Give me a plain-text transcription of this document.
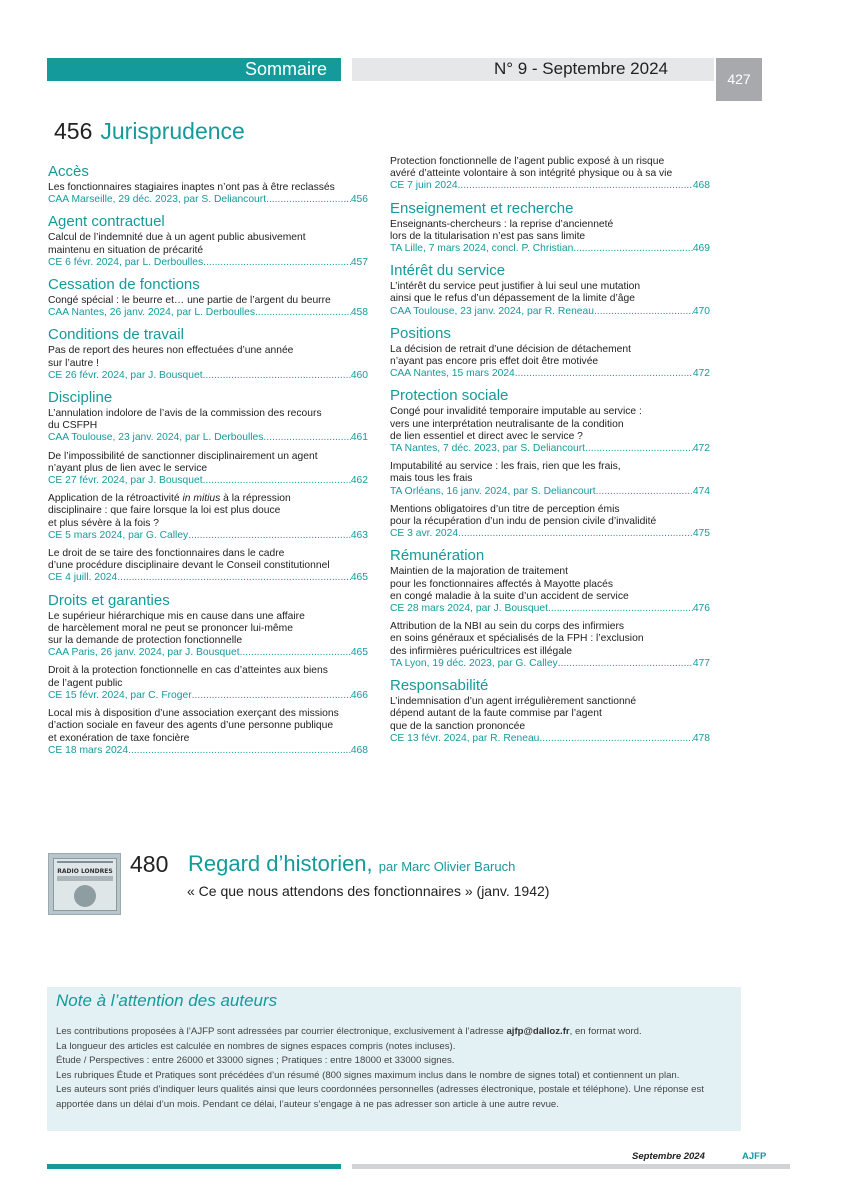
Sommaire	N° 9 - Septembre 2024
427
456 Jurisprudence
Accès
Les fonctionnaires stagiaires inaptes n’ont pas à être reclassés
CAA Marseille, 29 déc. 2023, par S. Deliancourt .....	456
Agent contractuel
Calcul de l’indemnité due à un agent public abusivement
maintenu en situation de précarité
CE 6 févr. 2024, par L. Derboulles .....	457
Cessation de fonctions
Congé spécial : le beurre et… une partie de l’argent du beurre
CAA Nantes, 26 janv. 2024, par L. Derboulles .....	458
Conditions de travail
Pas de report des heures non effectuées d’une année
sur l’autre !
CE 26 févr. 2024, par J. Bousquet .....	460
Discipline
L’annulation indolore de l’avis de la commission des recours
du CSFPH
CAA Toulouse, 23 janv. 2024, par L. Derboulles .....	461
De l’impossibilité de sanctionner disciplinairement un agent
n’ayant plus de lien avec le service
CE 27 févr. 2024, par J. Bousquet .....	462
Application de la rétroactivité in mitius à la répression
disciplinaire : que faire lorsque la loi est plus douce
et plus sévère à la fois ?
CE 5 mars 2024, par G. Calley .....	463
Le droit de se taire des fonctionnaires dans le cadre
d’une procédure disciplinaire devant le Conseil constitutionnel
CE 4 juill. 2024 .....	465
Droits et garanties
Le supérieur hiérarchique mis en cause dans une affaire
de harcèlement moral ne peut se prononcer lui-même
sur la demande de protection fonctionnelle
CAA Paris, 26 janv. 2024, par J. Bousquet .....	465
Droit à la protection fonctionnelle en cas d’atteintes aux biens
de l’agent public
CE 15 févr. 2024, par C. Froger .....	466
Local mis à disposition d’une association exerçant des missions
d’action sociale en faveur des agents d’une personne publique
et exonération de taxe foncière
CE 18 mars 2024 .....	468
Protection fonctionnelle de l’agent public exposé à un risque
avéré d’atteinte volontaire à son intégrité physique ou à sa vie
CE 7 juin 2024 .....	468
Enseignement et recherche
Enseignants-chercheurs : la reprise d’ancienneté
lors de la titularisation n’est pas sans limite
TA Lille, 7 mars 2024, concl. P. Christian .....	469
Intérêt du service
L’intérêt du service peut justifier à lui seul une mutation
ainsi que le refus d’un dépassement de la limite d’âge
CAA Toulouse, 23 janv. 2024, par R. Reneau .....	470
Positions
La décision de retrait d’une décision de détachement
n’ayant pas encore pris effet doit être motivée
CAA Nantes, 15 mars 2024 .....	472
Protection sociale
Congé pour invalidité temporaire imputable au service :
vers une interprétation neutralisante de la condition
de lien essentiel et direct avec le service ?
TA Nantes, 7 déc. 2023, par S. Deliancourt .....	472
Imputabilité au service : les frais, rien que les frais,
mais tous les frais
TA Orléans, 16 janv. 2024, par S. Deliancourt .....	474
Mentions obligatoires d’un titre de perception émis
pour la récupération d’un indu de pension civile d’invalidité
CE 3 avr. 2024 .....	475
Rémunération
Maintien de la majoration de traitement
pour les fonctionnaires affectés à Mayotte placés
en congé maladie à la suite d’un accident de service
CE 28 mars 2024, par J. Bousquet .....	476
Attribution de la NBI au sein du corps des infirmiers
en soins généraux et spécialisés de la FPH : l’exclusion
des infirmières puéricultrices est illégale
TA Lyon, 19 déc. 2023, par G. Calley .....	477
Responsabilité
L’indemnisation d’un agent irrégulièrement sanctionné
dépend autant de la faute commise par l’agent
que de la sanction prononcée
CE 13 févr. 2024, par R. Reneau .....	478
RADIO LONDRES 480 Regard d’historien, par Marc Olivier Baruch
« Ce que nous attendons des fonctionnaires » (janv. 1942)
Note à l’attention des auteurs
Les contributions proposées à l’AJFP sont adressées par courrier électronique, exclusivement à l’adresse ajfp@dalloz.fr, en format word.
La longueur des articles est calculée en nombres de signes espaces compris (notes incluses).
Étude / Perspectives : entre 26000 et 33000 signes ; Pratiques : entre 18000 et 33000 signes.
Les rubriques Étude et Pratiques sont précédées d’un résumé (800 signes maximum inclus dans le nombre de signes total) et contiennent un plan.
Les auteurs sont priés d’indiquer leurs qualités ainsi que leurs coordonnées personnelles (adresses électronique, postale et téléphone). Une réponse est apportée dans un délai d’un mois. Pendant ce délai, l’auteur s’engage à ne pas adresser son article à une autre revue.
Septembre 2024	AJFP
